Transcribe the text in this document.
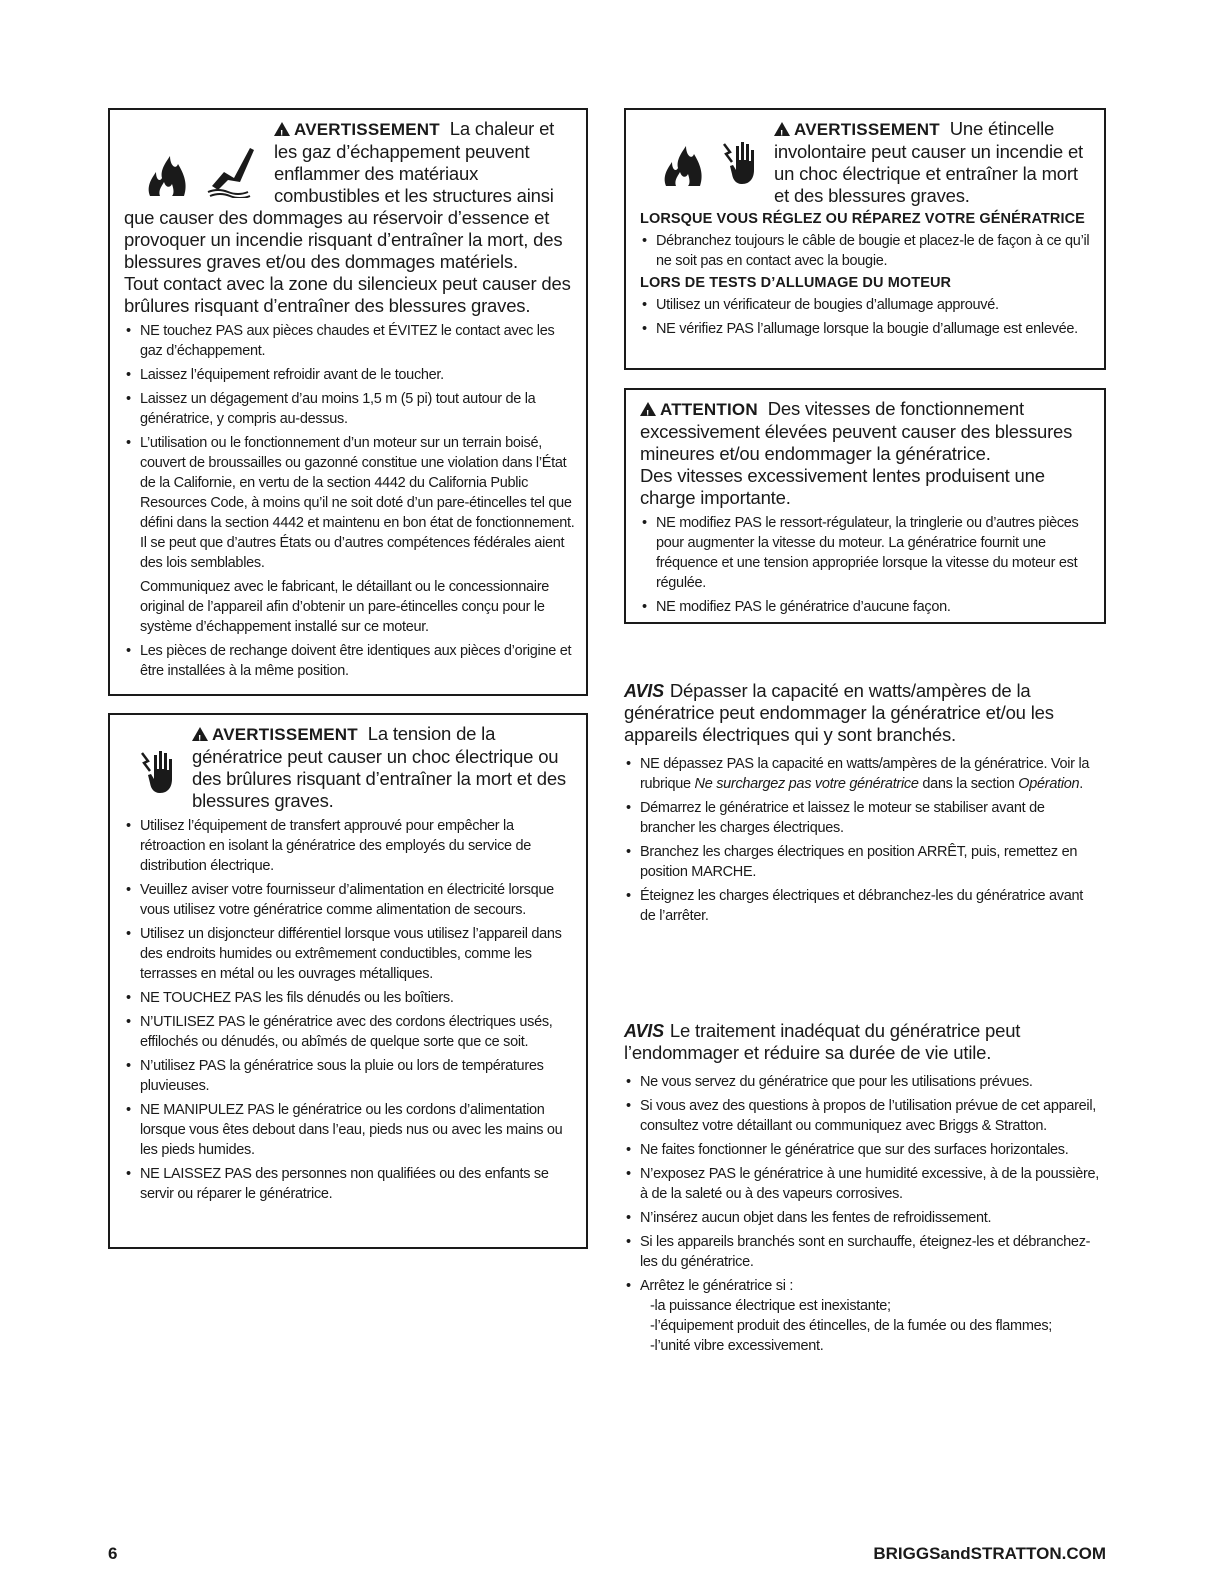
!AVERTISSEMENT La chaleur et les gaz d’échappement peuvent enflammer des matériaux combustibles et les structures ainsi que causer des dommages au réservoir d’essence et provoquer un incendie risquant d’entraîner la mort, des blessures graves et/ou des dommages matériels.
Tout contact avec la zone du silencieux peut causer des brûlures risquant d’entraîner des blessures graves.
• NE touchez PAS aux pièces chaudes et ÉVITEZ le contact avec les gaz d’échappement.
• Laissez l’équipement refroidir avant de le toucher.
• Laissez un dégagement d’au moins 1,5 m (5 pi) tout autour de la génératrice, y compris au-dessus.
• L’utilisation ou le fonctionnement d’un moteur sur un terrain boisé, couvert de broussailles ou gazonné constitue une violation dans l’État de la Californie, en vertu de la section 4442 du California Public Resources Code, à moins qu’il ne soit doté d’un pare-étincelles tel que défini dans la section 4442 et maintenu en bon état de fonctionnement. Il se peut que d’autres États ou d’autres compétences fédérales aient des lois semblables.
Communiquez avec le fabricant, le détaillant ou le concessionnaire original de l’appareil afin d’obtenir un pare-étincelles conçu pour le système d’échappement installé sur ce moteur.
• Les pièces de rechange doivent être identiques aux pièces d’origine et être installées à la même position.
!AVERTISSEMENT La tension de la génératrice peut causer un choc électrique ou des brûlures risquant d’entraîner la mort et des blessures graves.
• Utilisez l’équipement de transfert approuvé pour empêcher la rétroaction en isolant la génératrice des employés du service de distribution électrique.
• Veuillez aviser votre fournisseur d’alimentation en électricité lorsque vous utilisez votre génératrice comme alimentation de secours.
• Utilisez un disjoncteur différentiel lorsque vous utilisez l’appareil dans des endroits humides ou extrêmement conductibles, comme les terrasses en métal ou les ouvrages métalliques.
• NE TOUCHEZ PAS les fils dénudés ou les boîtiers.
• N’UTILISEZ PAS le génératrice avec des cordons électriques usés, effilochés ou dénudés, ou abîmés de quelque sorte que ce soit.
• N’utilisez PAS la génératrice sous la pluie ou lors de températures pluvieuses.
• NE MANIPULEZ PAS le génératrice ou les cordons d’alimentation lorsque vous êtes debout dans l’eau, pieds nus ou avec les mains ou les pieds humides.
• NE LAISSEZ PAS des personnes non qualifiées ou des enfants se servir ou réparer le génératrice.
!AVERTISSEMENT Une étincelle involontaire peut causer un incendie et un choc électrique et entraîner la mort et des blessures graves.
LORSQUE VOUS RÉGLEZ OU RÉPAREZ VOTRE GÉNÉRATRICE
• Débranchez toujours le câble de bougie et placez-le de façon à ce qu’il ne soit pas en contact avec la bougie.
LORS DE TESTS D’ALLUMAGE DU MOTEUR
• Utilisez un vérificateur de bougies d’allumage approuvé.
• NE vérifiez PAS l’allumage lorsque la bougie d’allumage est enlevée.
!ATTENTION Des vitesses de fonctionnement excessivement élevées peuvent causer des blessures mineures et/ou endommager la génératrice.
Des vitesses excessivement lentes produisent une charge importante.
• NE modifiez PAS le ressort-régulateur, la tringlerie ou d’autres pièces pour augmenter la vitesse du moteur. La génératrice fournit une fréquence et une tension appropriée lorsque la vitesse du moteur est régulée.
• NE modifiez PAS le génératrice d’aucune façon.
AVIS Dépasser la capacité en watts/ampères de la génératrice peut endommager la génératrice et/ou les appareils électriques qui y sont branchés.
• NE dépassez PAS la capacité en watts/ampères de la génératrice. Voir la rubrique Ne surchargez pas votre génératrice dans la section Opération.
• Démarrez le génératrice et laissez le moteur se stabiliser avant de brancher les charges électriques.
• Branchez les charges électriques en position ARRÊT, puis, remettez en position MARCHE.
• Éteignez les charges électriques et débranchez-les du génératrice avant de l’arrêter.
AVIS Le traitement inadéquat du génératrice peut l’endommager et réduire sa durée de vie utile.
• Ne vous servez du génératrice que pour les utilisations prévues.
• Si vous avez des questions à propos de l’utilisation prévue de cet appareil, consultez votre détaillant ou communiquez avec Briggs & Stratton.
• Ne faites fonctionner le génératrice que sur des surfaces horizontales.
• N’exposez PAS le génératrice à une humidité excessive, à de la poussière, à de la saleté ou à des vapeurs corrosives.
• N’insérez aucun objet dans les fentes de refroidissement.
• Si les appareils branchés sont en surchauffe, éteignez-les et débranchez-les du génératrice.
• Arrêtez le génératrice si :
-la puissance électrique est inexistante;
-l’équipement produit des étincelles, de la fumée ou des flammes;
-l’unité vibre excessivement.
6	BRIGGSandSTRATTON.COM
